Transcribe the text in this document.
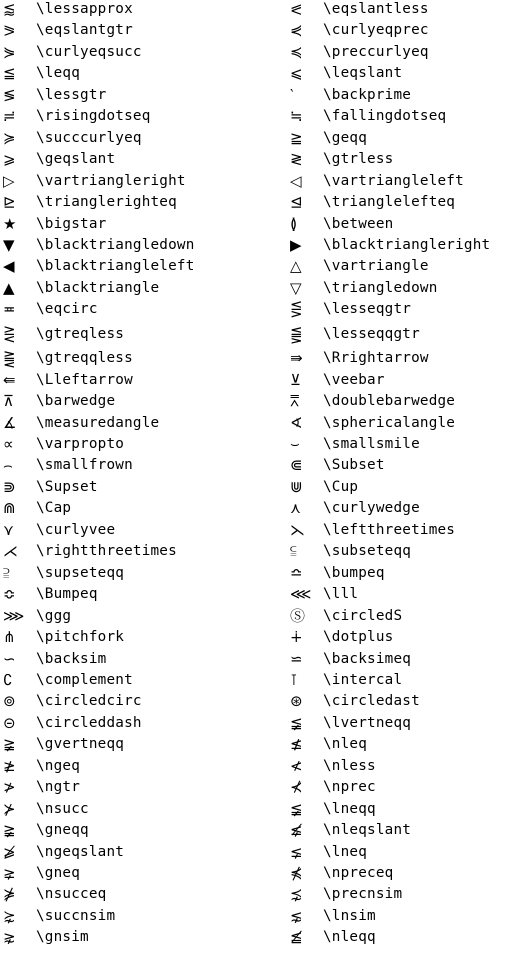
⪅	\lessapprox	⪕	\eqslantless
⪖	\eqslantgtr	⋞	\curlyeqprec
⋟	\curlyeqsucc	≼	\preccurlyeq
≦	\leqq	⩽	\leqslant
≶	\lessgtr	‵	\backprime
≓	\risingdotseq	≒	\fallingdotseq
≽	\succcurlyeq	≧	\geqq
⩾	\geqslant	≷	\gtrless
▷	\vartriangleright	◁	\vartriangleleft
⊵	\trianglerighteq	⊴	\trianglelefteq
★	\bigstar	≬	\between
▼	\blacktriangledown	▶	\blacktriangleright
◀	\blacktriangleleft	△	\vartriangle
▲	\blacktriangle	▽	\triangledown
≖	\eqcirc	⋚	\lesseqgtr
⋛	\gtreqless	⪋	\lesseqqgtr
⪌	\gtreqqless	⇛	\Rrightarrow
⇚	\Lleftarrow	⊻	\veebar
⊼	\barwedge	⩞	\doublebarwedge
∡	\measuredangle	∢	\sphericalangle
∝	\varpropto	⌣	\smallsmile
⌢	\smallfrown	⋐	\Subset
⋑	\Supset	⋓	\Cup
⋒	\Cap	⋏	\curlywedge
⋎	\curlyvee	⋋	\leftthreetimes
⋌	\rightthreetimes	⫅	\subseteqq
⫆	\supseteqq	≏	\bumpeq
≎	\Bumpeq	⋘ \lll
⋙ \ggg	Ⓢ	\circledS
⋔	\pitchfork	∔	\dotplus
∽	\backsim	⋍	\backsimeq
∁	\complement	⊺	\intercal
⊚	\circledcirc	⊛	\circledast
⊝	\circleddash	≨	\lvertneqq
≩	\gvertneqq	≰	\nleq
≱	\ngeq	≮	\nless
≯	\ngtr	⊀	\nprec
⊁	\nsucc	≨	\lneqq
≩	\gneqq	⪇̸	\nleqslant
⩾̸	\ngeqslant	⪇	\lneq
⪈	\gneq	⋠	\npreceq
⋡	\nsucceq	⋨	\precnsim
⋩	\succnsim	⋦	\lnsim
⋧	\gnsim	≦̸	\nleqq
